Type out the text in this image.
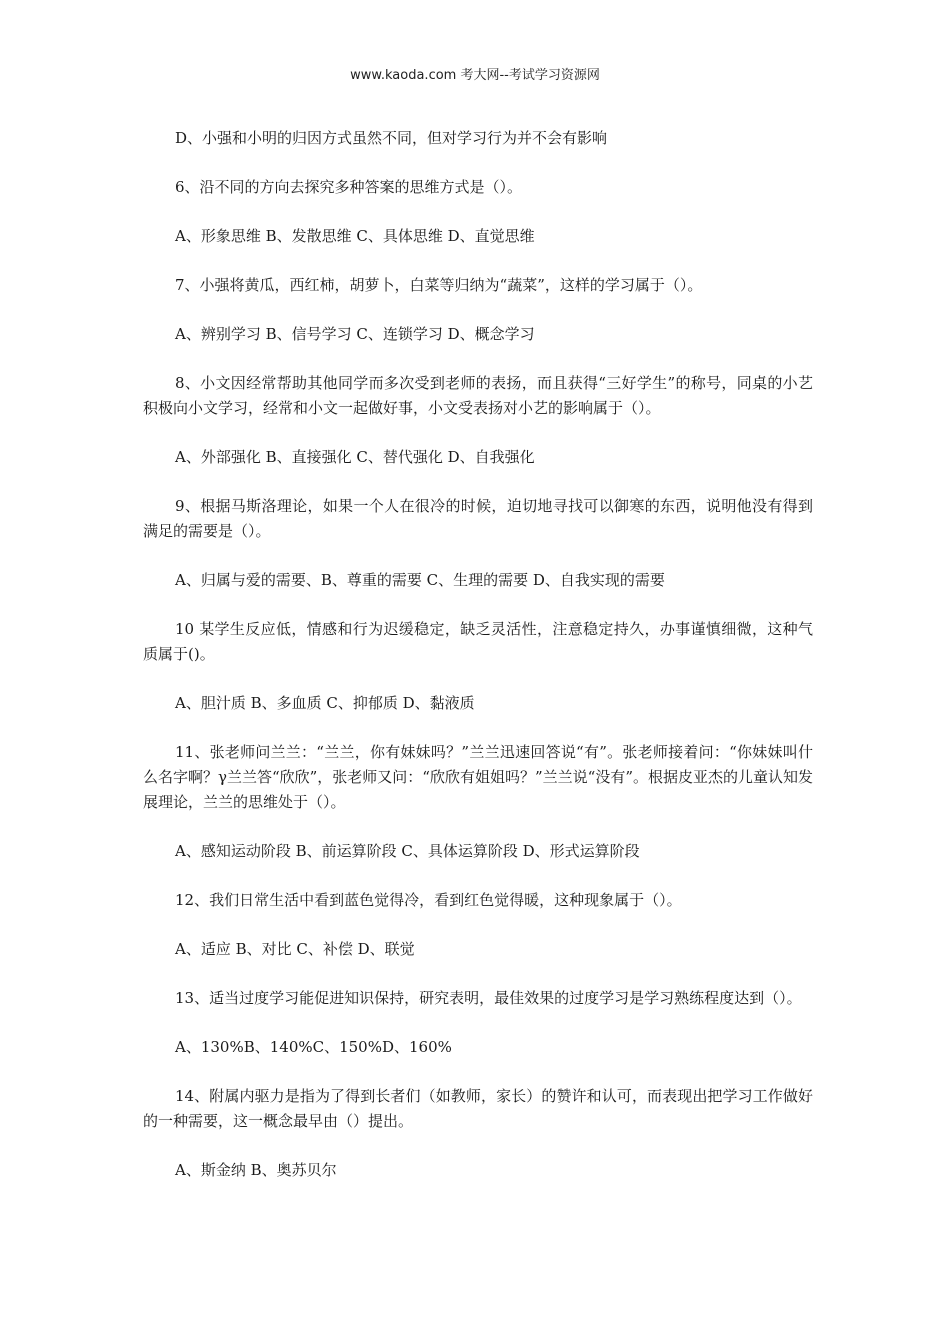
www.kaoda.com 考大网--考试学习资源网

D、小强和小明的归因方式虽然不同，但对学习行为并不会有影响

6、沿不同的方向去探究多种答案的思维方式是（）。

A、形象思维 B、发散思维 C、具体思维 D、直觉思维

7、小强将黄瓜，西红柿，胡萝卜，白菜等归纳为“蔬菜”，这样的学习属于（）。

A、辨别学习 B、信号学习 C、连锁学习 D、概念学习

8、小文因经常帮助其他同学而多次受到老师的表扬，而且获得“三好学生”的称号，同桌的小艺积极向小文学习，经常和小文一起做好事，小文受表扬对小艺的影响属于（）。

A、外部强化 B、直接强化 C、替代强化 D、自我强化

9、根据马斯洛理论，如果一个人在很冷的时候，迫切地寻找可以御寒的东西，说明他没有得到满足的需要是（）。

A、归属与爱的需要、B、尊重的需要 C、生理的需要 D、自我实现的需要

10 某学生反应低，情感和行为迟缓稳定，缺乏灵活性，注意稳定持久，办事谨慎细微，这种气质属于()。

A、胆汁质 B、多血质 C、抑郁质 D、黏液质

11、张老师问兰兰：“兰兰，你有妹妹吗？”兰兰迅速回答说“有”。张老师接着问：“你妹妹叫什么名字啊？γ兰兰答“欣欣”，张老师又问：“欣欣有姐姐吗？”兰兰说“没有”。根据皮亚杰的儿童认知发展理论，兰兰的思维处于（）。

A、感知运动阶段 B、前运算阶段 C、具体运算阶段 D、形式运算阶段

12、我们日常生活中看到蓝色觉得冷，看到红色觉得暖，这种现象属于（）。

A、适应 B、对比 C、补偿 D、联觉

13、适当过度学习能促进知识保持，研究表明，最佳效果的过度学习是学习熟练程度达到（）。

A、130%B、140%C、150%D、160%

14、附属内驱力是指为了得到长者们（如教师，家长）的赞许和认可，而表现出把学习工作做好的一种需要，这一概念最早由（）提出。

A、斯金纳 B、奥苏贝尔
